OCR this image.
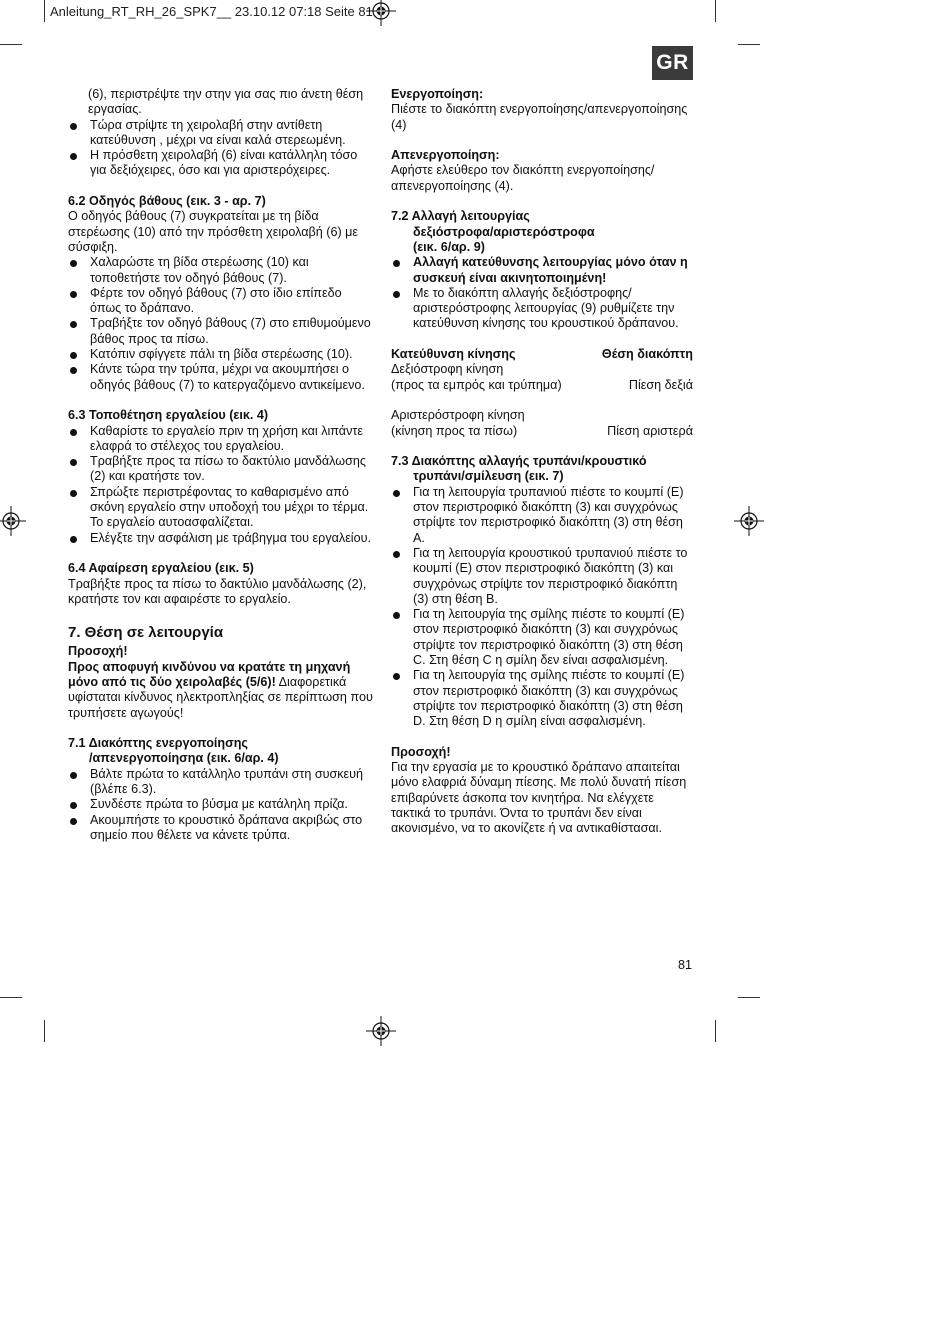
Anleitung_RT_RH_26_SPK7__ 23.10.12 07:18 Seite 81
GR

(6), περιστρέψτε την στην για σας πιο άνετη θέση εργασίας.

Τώρα στρίψτε τη χειρολαβή στην αντίθετη κατεύθυνση , μέχρι να είναι καλά στερεωμένη.
Η πρόσθετη χειρολαβή (6) είναι κατάλληλη τόσο για δεξιόχειρες, όσο και για αριστερόχειρες.

6.2 Οδηγός βάθους (εικ. 3 - αρ. 7)

Ο οδηγός βάθους (7) συγκρατείται με τη βίδα στερέωσης (10) από την πρόσθετη χειρολαβή (6) με σύσφιξη.

Χαλαρώστε τη βίδα στερέωσης (10) και τοποθετήστε τον οδηγό βάθους (7).
Φέρτε τον οδηγό βάθους (7) στο ίδιο επίπεδο όπως το δράπανο.
Τραβήξτε τον οδηγό βάθους (7) στο επιθυμούμενο βάθος προς τα πίσω.
Κατόπιν σφίγγετε πάλι τη βίδα στερέωσης (10).
Κάντε τώρα την τρύπα, μέχρι να ακουμπήσει ο οδηγός βάθους (7) το κατεργαζόμενο αντικείμενο.

6.3 Τοποθέτηση εργαλείου (εικ. 4)

Καθαρίστε το εργαλείο πριν τη χρήση και λιπάντε ελαφρά το στέλεχος του εργαλείου.
Τραβήξτε προς τα πίσω το δακτύλιο μανδάλωσης (2) και κρατήστε τον.
Σπρώξτε περιστρέφοντας το καθαρισμένο από σκόνη εργαλείο στην υποδοχή του μέχρι το τέρμα. Το εργαλείο αυτοασφαλίζεται.
Ελέγξτε την ασφάλιση με τράβηγμα του εργαλείου.

6.4 Αφαίρεση εργαλείου (εικ. 5)

Τραβήξτε προς τα πίσω το δακτύλιο μανδάλωσης (2), κρατήστε τον και αφαιρέστε το εργαλείο.

7. Θέση σε λειτουργία

Προσοχή!

Προς αποφυγή κινδύνου να κρατάτε τη μηχανή μόνο από τις δύο χειρολαβές (5/6)! Διαφορετικά υφίσταται κίνδυνος ηλεκτροπληξίας σε περίπτωση που τρυπήσετε αγωγούς!

7.1 Διακόπτης ενεργοποίησης

/απενεργοποίησηα (εικ. 6/αρ. 4)

Βάλτε πρώτα το κατάλληλο τρυπάνι στη συσκευή (βλέπε 6.3).
Συνδέστε πρώτα το βύσμα με κατάληλη πρίζα.
Ακουμπήστε το κρουστικό δράπανα ακριβώς στο σημείο που θέλετε να κάνετε τρύπα.

Ενεργοποίηση:

Πιέστε το διακόπτη ενεργοποίησης/απενεργοποίησης (4)

Απενεργοποίηση:

Αφήστε ελεύθερο τον διακόπτη ενεργοποίησης/απενεργοποίησης (4).

7.2 Αλλαγή λειτουργίας

δεξιόστροφα/αριστερόστροφα

(εικ. 6/αρ. 9)

Αλλαγή κατεύθυνσης λειτουργίας μόνο όταν η συσκευή είναι ακινητοποιημένη!
Με το διακόπτη αλλαγής δεξιόστροφης/αριστερόστροφης λειτουργίας (9) ρυθμίζετε την κατεύθυνση κίνησης του κρουστικού δράπανου.
Κατεύθυνση κίνησης	Θέση διακόπτη
Δεξιόστροφη κίνηση
(προς τα εμπρός και τρύπημα)	Πίεση δεξιά
Αριστερόστροφη κίνηση
(κίνηση προς τα πίσω)	Πίεση αριστερά

7.3 Διακόπτης αλλαγής τρυπάνι/κρουστικό

τρυπάνι/σμίλευση (εικ. 7)

Για τη λειτουργία τρυπανιού πιέστε το κουμπί (E) στον περιστροφικό διακόπτη (3) και συγχρόνως στρίψτε τον περιστροφικό διακόπτη (3) στη θέση A.
Για τη λειτουργία κρουστικού τρυπανιού πιέστε το κουμπί (E) στον περιστροφικό διακόπτη (3) και συγχρόνως στρίψτε τον περιστροφικό διακόπτη (3) στη θέση B.
Για τη λειτουργία της σμίλης πιέστε το κουμπί (E) στον περιστροφικό διακόπτη (3) και συγχρόνως στρίψτε τον περιστροφικό διακόπτη (3) στη θέση C. Στη θέση C η σμίλη δεν είναι ασφαλισμένη.
Για τη λειτουργία της σμίλης πιέστε το κουμπί (E) στον περιστροφικό διακόπτη (3) και συγχρόνως στρίψτε τον περιστροφικό διακόπτη (3) στη θέση D. Στη θέση D η σμίλη είναι ασφαλισμένη.

Προσοχή!

Για την εργασία με το κρουστικό δράπανο απαιτείται μόνο ελαφριά δύναμη πίεσης. Με πολύ δυνατή πίεση επιβαρύνετε άσκοπα τον κινητήρα. Να ελέγχετε τακτικά το τρυπάνι. Όντα το τρυπάνι δεν είναι ακονισμένο, να το ακονίζετε ή να αντικαθίστασαι.

81
